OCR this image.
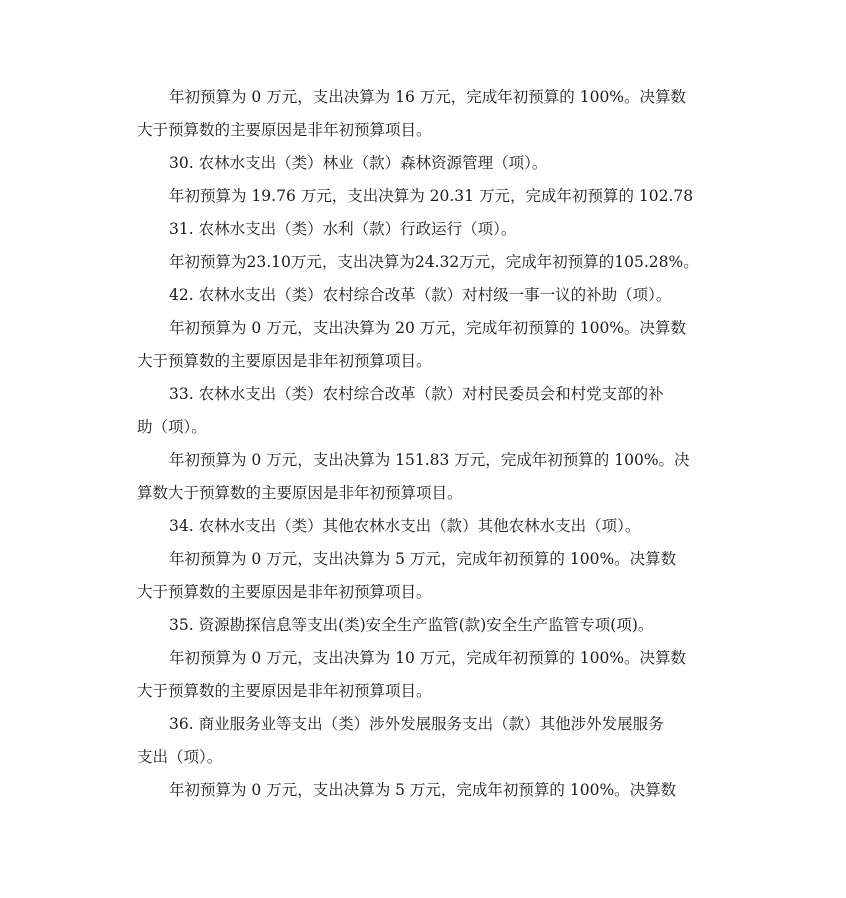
年初预算为 0 万元，支出决算为 16 万元，完成年初预算的 100%。决算数
大于预算数的主要原因是非年初预算项目。
30. 农林水支出（类）林业（款）森林资源管理（项）。
年初预算为 19.76 万元，支出决算为 20.31 万元，完成年初预算的 102.78
31. 农林水支出（类）水利（款）行政运行（项）。
年初预算为23.10万元，支出决算为24.32万元，完成年初预算的105.28%。
42. 农林水支出（类）农村综合改革（款）对村级一事一议的补助（项）。
年初预算为 0 万元，支出决算为 20 万元，完成年初预算的 100%。决算数
大于预算数的主要原因是非年初预算项目。
33. 农林水支出（类）农村综合改革（款）对村民委员会和村党支部的补
助（项）。
年初预算为 0 万元，支出决算为 151.83 万元，完成年初预算的 100%。决
算数大于预算数的主要原因是非年初预算项目。
34. 农林水支出（类）其他农林水支出（款）其他农林水支出（项）。
年初预算为 0 万元，支出决算为 5 万元，完成年初预算的 100%。决算数
大于预算数的主要原因是非年初预算项目。
35. 资源勘探信息等支出(类)安全生产监管(款)安全生产监管专项(项)。
年初预算为 0 万元，支出决算为 10 万元，完成年初预算的 100%。决算数
大于预算数的主要原因是非年初预算项目。
36. 商业服务业等支出（类）涉外发展服务支出（款）其他涉外发展服务
支出（项）。
年初预算为 0 万元，支出决算为 5 万元，完成年初预算的 100%。决算数
